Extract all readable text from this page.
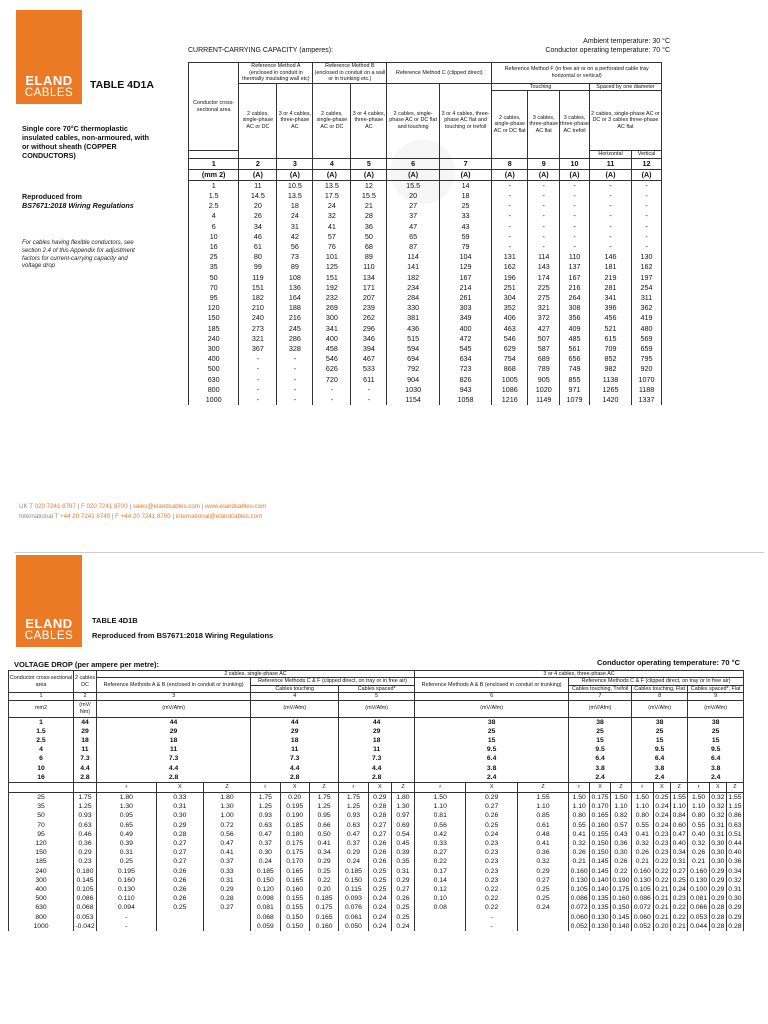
ELAND
CABLES
TABLE 4D1A
Ambient temperature: 30 °C
Conductor operating temperature: 70 °C
CURRENT-CARRYING CAPACITY (amperes):
Single core 70°C thermoplastic insulated cables, non-armoured, with or without sheath (COPPER CONDUCTORS)
Reproduced from
BS7671:2018 Wiring Regulations
For cables having flexible conductors, see section 2.4 of this Appendix for adjustment factors for current-carrying capacity and voltage drop
Conductor cross-sectional area	Reference Method A (enclosed in conduit in thermally insulating wall etc)		Reference Method B (enclosed in conduit on a wall or in trunking etc.)		Reference Method C (clipped direct)		Reference Method F (in free air or on a perforated cable tray horizontal or vertical)				
	2 cables, single-phase AC or DC	3 or 4 cables, three-phase AC	2 cables, single-phase AC or DC	3 or 4 cables, three-phase AC	2 cables, single-phase AC or DC flat and touching	3 or 4 cables, three- phase AC flat and touching or trefoil	Touching			Spaced by one diameter	
							2 cables, single-phase AC or DC flat	3 cables, three-phase AC flat	3 cables, three-phase AC trefoil	2 cables, single-phase AC or DC or 3 cables three-phase AC flat	
										Horizontal	Vertical
1	2	3	4	5	6	7	8	9	10	11	12
(mm 2)	(A)	(A)	(A)	(A)	(A)	(A)	(A)	(A)	(A)	(A)	(A)
1	11	10.5	13.5	12	15.5	14	-	-	-	-	-
1.5	14.5	13.5	17.5	15.5	20	18	-	-	-	-	-
2.5	20	18	24	21	27	25	-	-	-	-	-
4	26	24	32	28	37	33	-	-	-	-	-
6	34	31	41	36	47	43	-	-	-	-	-
10	46	42	57	50	65	59	-	-	-	-	-
16	61	56	76	68	87	79	-	-	-	-	-
25	80	73	101	89	114	104	131	114	110	146	130
35	99	89	125	110	141	129	162	143	137	181	162
50	119	108	151	134	182	167	196	174	167	219	197
70	151	136	192	171	234	214	251	225	216	281	254
95	182	164	232	207	284	261	304	275	264	341	311
120	210	188	269	239	330	303	352	321	308	396	362
150	240	216	300	262	381	349	406	372	356	456	419
185	273	245	341	296	436	400	463	427	409	521	480
240	321	286	400	346	515	472	546	507	485	615	569
300	367	328	458	394	594	545	629	587	561	709	659
400	-	-	546	467	694	634	754	689	656	852	795
500	-	-	626	533	792	723	868	789	749	982	920
630	-	-	720	611	904	826	1005	905	855	1138	1070
800	-	-	-	-	1030	943	1086	1020	971	1265	1188
1000	-	-	-	-	1154	1058	1216	1149	1079	1420	1337
UK T 020 7241 8787 | F 020 7241 8700 | sales@elandcables.com | www.elandcables.com
International T +44 20 7241 8740 | F +44 20 7241 8700 | international@elandcables.com
ELAND
CABLES
TABLE 4D1B
Reproduced from BS7671:2018 Wiring Regulations
VOLTAGE DROP (per ampere per metre):	Conductor operating temperature: 70 °C
Conductor cross-sectional area	2 cables DC	2 cables, single-phase AC									3 or 4 cables, three-phase AC											
		Reference Methods A & B (enclosed in conduit or trunking)			Reference Methods C & F (clipped direct, on tray or in free air)						Reference Methods A & B (enclosed in conduit or trunking)			Reference Methods C & F (clipped direct, on tray or in free air)								
					Cables touching			Cables spaced*						Cables touching, Trefoil			Cables touching, Flat			Cables spaced*, Flat		
1	2	3			4			5			6			7			8			9		
mm2	(mV/ Nm)	(mV/Afm)			(mV/Afm)			(mV/Afm)			(mV/Afm)			(mV/Afm)			(mV/Afm)			(mV/Afm)		
1	44	44			44			44			38			38			38			38		
1.5	29	29			29			29			25			25			25			25		
2.5	18	18			18			18			15			15			15			15		
4	11	11			11			11			9.5			9.5			9.5			9.5		
6	7.3	7.3			7.3			7.3			6.4			6.4			6.4			6.4		
10	4.4	4.4			4.4			4.4			3.8			3.8			3.8			3.8		
16	2.8	2.8			2.8			2.8			2.4			2.4			2.4			2.4		
		r	X	Z	r	X	Z	r	X	Z	r	X	Z	r	X	Z	r	X	Z	r	X	Z
25	1.75	1.80	0.33	1.80	1.75	0.20	1.75	1.75	0.29	1.80	1.50	0.29	1.55	1.50	0.175	1.50	1.50	0.25	1.55	1.50	0.32	1.55
35	1.25	1.30	0.31	1.30	1.25	0.195	1.25	1.25	0.28	1.30	1.10	0.27	1.10	1.10	0.170	1.10	1.10	0.24	1.10	1.10	0.32	1.15
50	0.93	0.95	0.30	1.00	0.93	0.190	0.95	0.93	0.28	0.97	0.81	0.26	0.85	0.80	0.165	0.82	0.80	0.24	0.84	0.80	0.32	0.86
70	0.63	0.65	0.29	0.72	0.63	0.185	0.66	0.63	0.27	0.69	0.56	0.25	0.61	0.55	0.160	0.57	0.55	0.24	0.60	0.55	0.31	0.63
95	0.46	0.49	0.28	0.56	0.47	0.180	0.50	0.47	0.27	0.54	0.42	0.24	0.48	0.41	0.155	0.43	0.41	0.23	0.47	0.40	0.31	0.51
120	0.36	0.39	0.27	0.47	0.37	0.175	0.41	0.37	0.26	0.45	0.33	0.23	0.41	0.32	0.150	0.36	0.32	0.23	0.40	0.32	0.30	0.44
150	0.29	0.31	0.27	0.41	0.30	0.175	0.34	0.29	0.26	0.39	0.27	0.23	0.36	0.26	0.150	0.30	0.26	0.23	0.34	0.26	0.30	0.40
185	0.23	0.25	0.27	0.37	0.24	0.170	0.29	0.24	0.26	0.35	0.22	0.23	0.32	0.21	0.145	0.26	0.21	0.22	0.31	0.21	0.30	0.36
240	0.180	0.195	0.26	0.33	0.185	0.165	0.25	0.185	0.25	0.31	0.17	0.23	0.29	0.160	0.145	0.22	0.160	0.22	0.27	0.160	0.29	0.34
300	0.145	0.160	0.26	0.31	0.150	0.165	0.22	0.150	0.25	0.29	0.14	0.23	0.27	0.130	0.140	0.190	0.130	0.22	0.25	0.130	0.29	0.32
400	0.105	0.130	0.26	0.29	0.120	0.160	0.20	0.115	0.25	0.27	0.12	0.22	0.25	0.105	0.140	0.175	0.105	0.21	0.24	0.100	0.29	0.31
500	0.086	0.110	0.26	0.28	0.098	0.155	0.185	0.093	0.24	0.26	0.10	0.22	0.25	0.086	0.135	0.160	0.086	0.21	0.23	0.081	0.29	0.30
630	0.068	0.094	0.25	0.27	0.081	0.155	0.175	0.076	0.24	0.25	0.08	0.22	0.24	0.072	0.135	0.150	0.072	0.21	0.22	0.066	0.28	0.29
800	0.053	-			0.068	0.150	0.165	0.061	0.24	0.25		-		0.060	0.130	0.145	0.060	0.21	0.22	0.053	0.28	0.29
1000	-0.042	-			0.059	0.150	0.160	0.050	0.24	0.24		-		0.052	0.130	0.140	0.052	0.20	0.21	0.044	0.28	0.28
